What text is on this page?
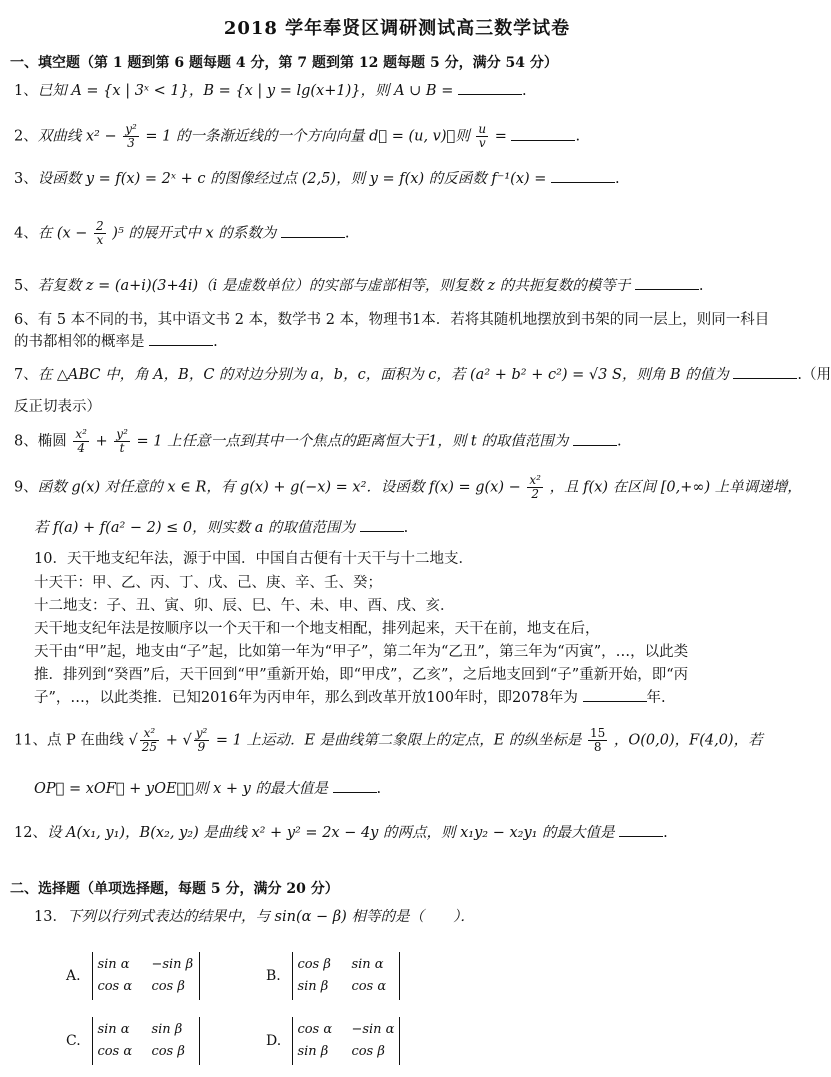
2018 学年奉贤区调研测试高三数学试卷
一、填空题（第 1 题到第 6 题每题 4 分，第 7 题到第 12 题每题 5 分，满分 54 分）
1、已知 A = {x | 3ˣ < 1}，B = {x | y = lg(x+1)}，则 A ∪ B =	.
2、双曲线 $x^2 - \frac{\text{y²}}{3} = 1$ 的一条渐近线的一个方向向量 d⃗ = (u, v)，则 $\frac{u}{v}$ =	.
3、设函数 y = f(x) = 2ˣ + c 的图像经过点 (2,5)，则 y = f(x) 的反函数 f⁻¹(x) =	.
4、在 $(x - \frac{2}{x} )^5$ 的展开式中 x 的系数为	.
5、若复数 z = (a+i)(3+4i)（i 是虚数单位）的实部与虚部相等，则复数 z 的共扼复数的模等于	.
6、有 5 本不同的书，其中语文书 2 本，数学书 2 本，物理书1本．若将其随机地摆放到书架的同一层上，则同一科目的书都相邻的概率是	.
7、在 △ABC 中，角 A，B，C 的对边分别为 a，b，c，面积为 c，若 (a² + b² + c²) = √3 S，则角 B 的值为	.（用
反正切表示）
8、椭圆 $\frac{\text{x²}}{4} + \frac{\text{y²}}{t} = 1$ 上任意一点到其中一个焦点的距离恒大于1，则 t 的取值范围为	.
9、函数 g(x) 对任意的 x ∈ R，有 g(x) + g(−x) = x²．设函数 $f(x) = g(x) - \frac{\text{x²}}{2}$ ，且 f(x) 在区间 [0,+∞) 上单调递增，
若 f(a) + f(a² − 2) ≤ 0，则实数 a 的取值范围为	.
10．天干地支纪年法，源于中国．中国自古便有十天干与十二地支．
十天干：甲、乙、丙、丁、戊、己、庚、辛、壬、癸；
十二地支：子、丑、寅、卯、辰、巳、午、未、申、酉、戌、亥．
天干地支纪年法是按顺序以一个天干和一个地支相配，排列起来，天干在前，地支在后，
天干由“甲”起，地支由“子”起，比如第一年为“甲子”，第二年为“乙丑”，第三年为“丙寅”，…，以此类
推．排列到“癸酉”后，天干回到“甲”重新开始，即“甲戌”，乙亥”，之后地支回到“子”重新开始，即“丙
子”，…，以此类推．已知2016年为丙申年，那么到改革开放100年时，即2078年为	年.
11、点 P 在曲线 √ $\frac{\text{x²}}{25}$ + √ $\frac{\text{y²}}{9} = 1$ 上运动．E 是曲线第二象限上的定点，E 的纵坐标是 $\frac{15}{8}$ ，O(0,0)，F(4,0)，若
OP⃗ = xOF⃗ + yOE⃗，则 x + y 的最大值是	.
12、设 A(x₁, y₁)，B(x₂, y₂) 是曲线 x² + y² = 2x − 4y 的两点，则 x₁y₂ − x₂y₁ 的最大值是	.
二、选择题（单项选择题，每题 5 分，满分 20 分）
13．下列以行列式表达的结果中，与 sin(α − β) 相等的是（　　）．
A.
sin α	−sin β
cos α	cos β
B.
cos β	sin α
sin β	cos α
C.
sin α	sin β
cos α	cos β
D.
cos α	−sin α
sin β	cos β
